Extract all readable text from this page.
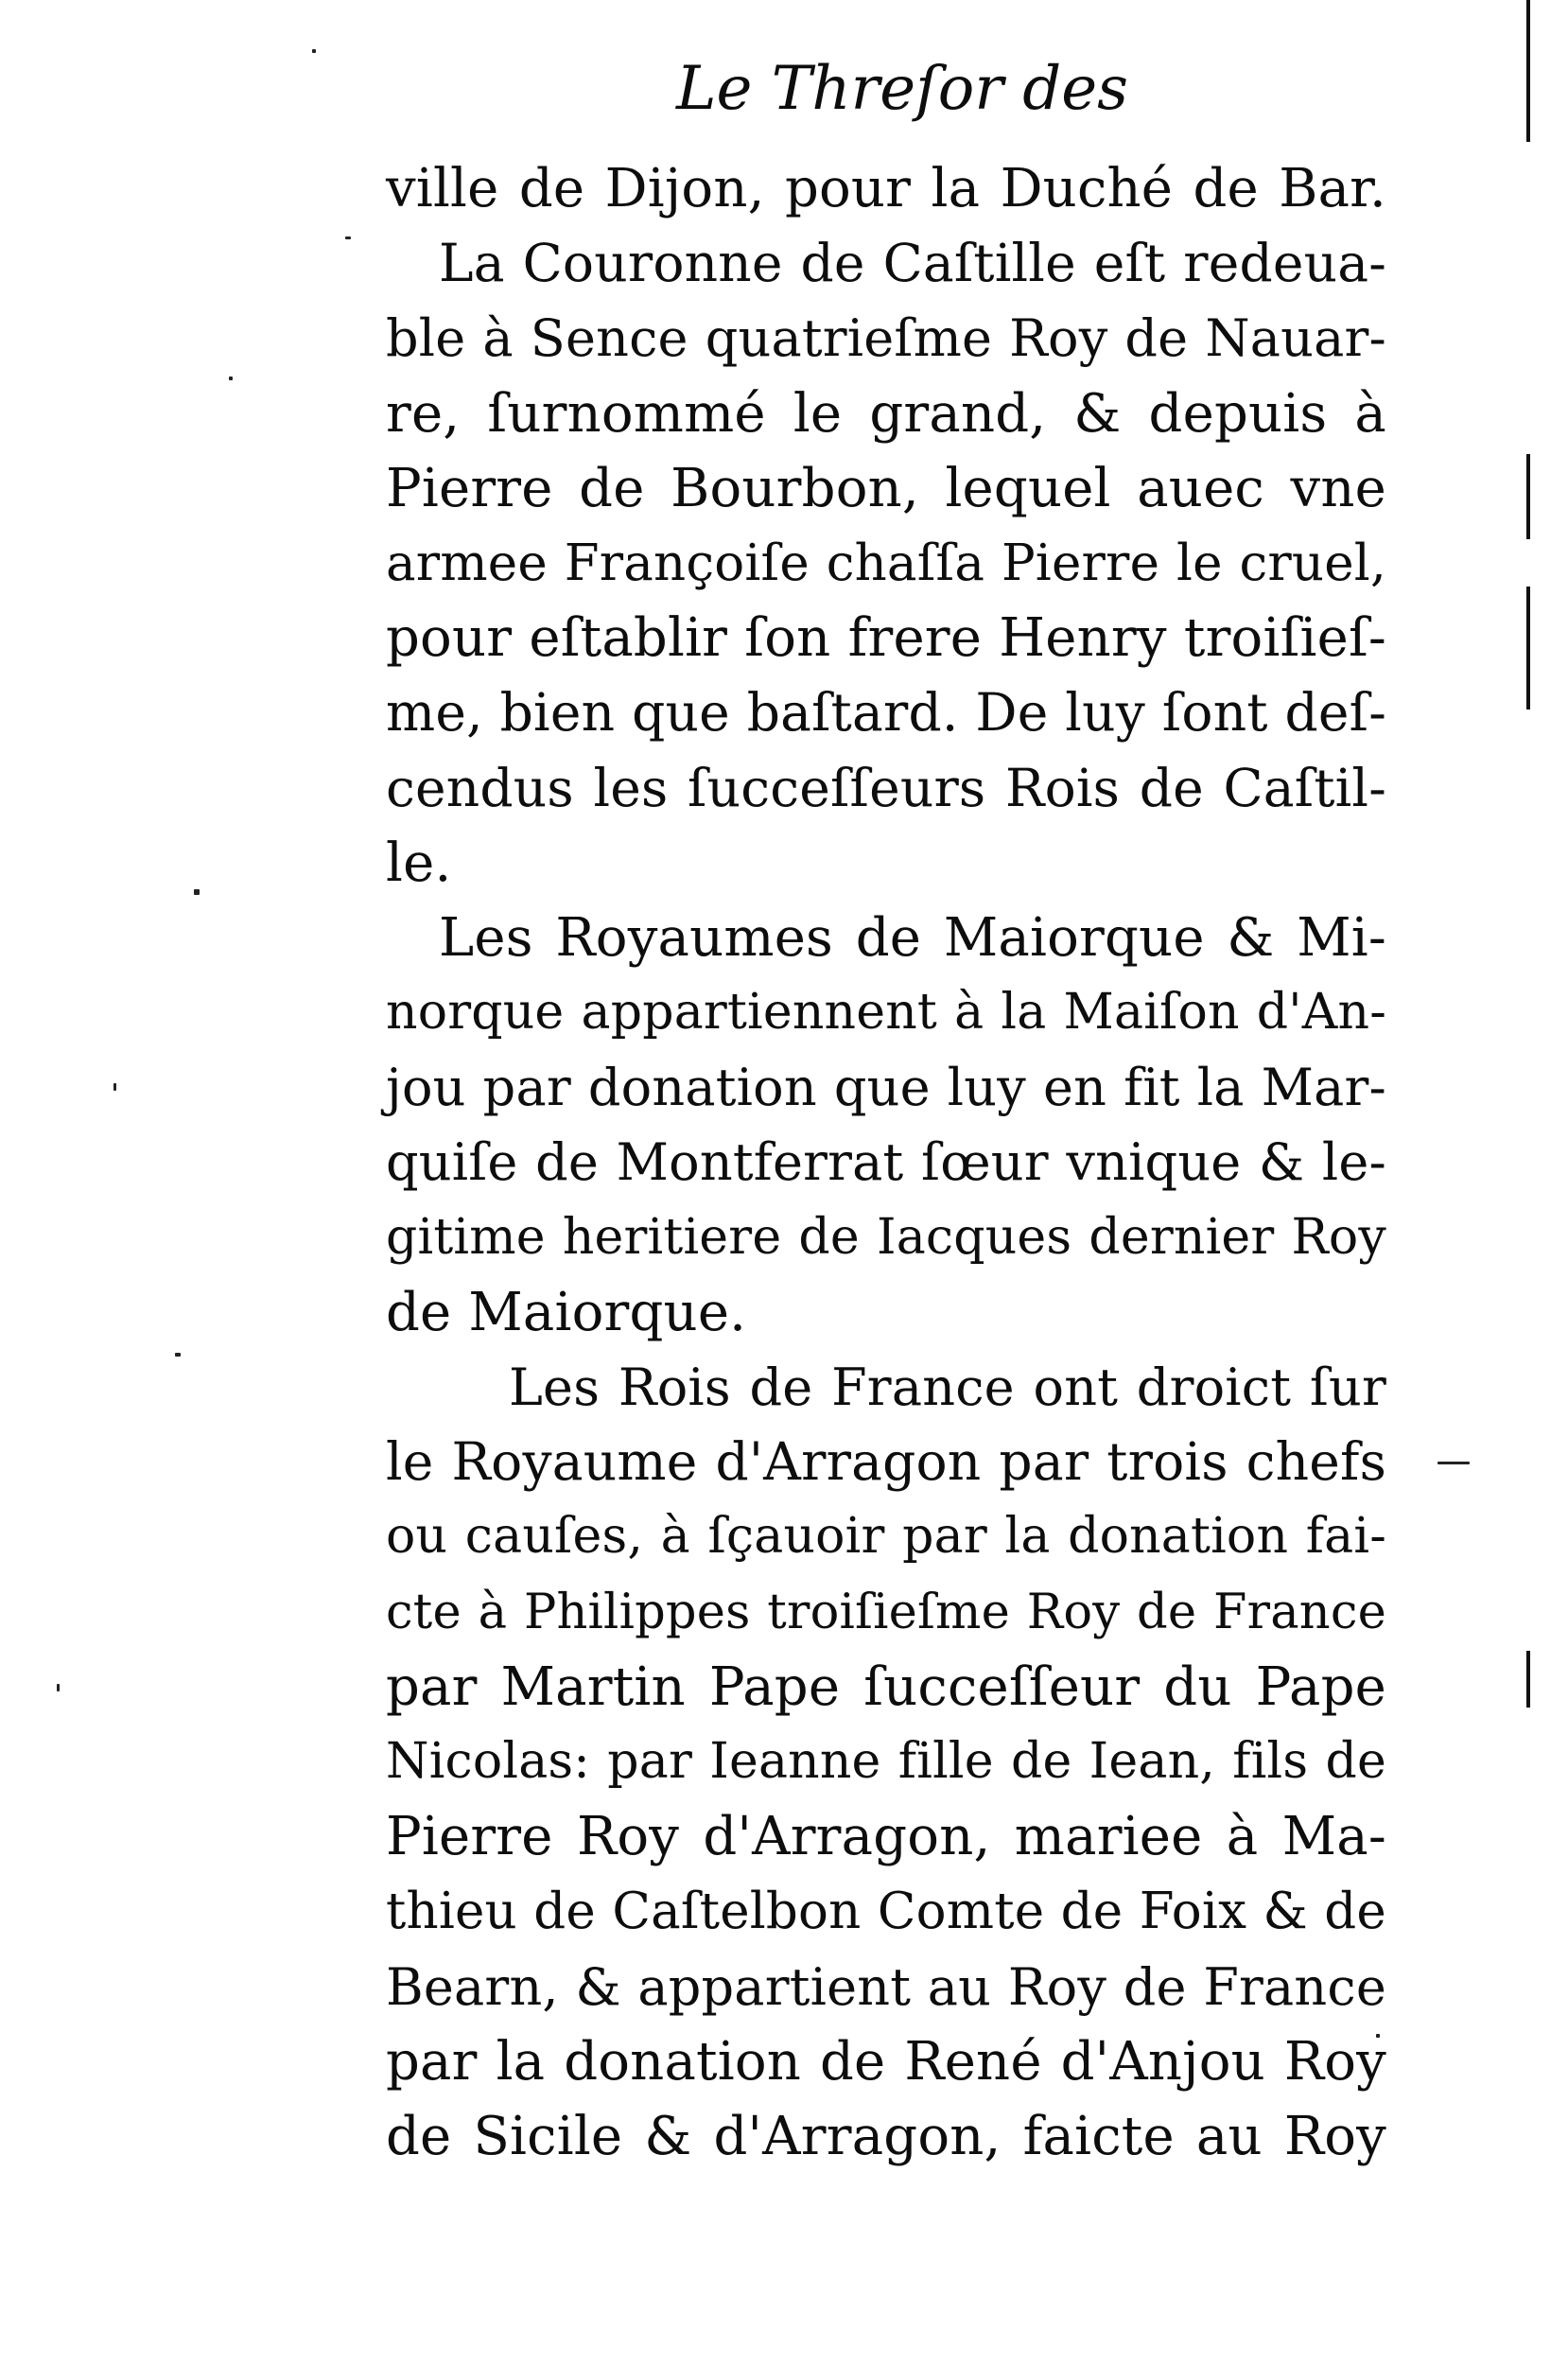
Le Threſor des
ville de Dijon, pour la Duché de Bar.
La Couronne de Caſtille eſt redeua-
ble à Sence quatrieſme Roy de Nauar-
re, ſurnommé le grand, & depuis à
Pierre de Bourbon, lequel auec vne
armee Françoiſe chaſſa Pierre le cruel,
pour eſtablir ſon frere Henry troiſieſ-
me, bien que baſtard. De luy ſont deſ-
cendus les ſucceſſeurs Rois de Caſtil-
le.
Les Royaumes de Maiorque & Mi-
norque appartiennent à la Maiſon d'An-
jou par donation que luy en fit la Mar-
quiſe de Montferrat ſœur vnique & le-
gitime heritiere de Iacques dernier Roy
de Maiorque.
Les Rois de France ont droict ſur
le Royaume d'Arragon par trois chefs
ou cauſes, à ſçauoir par la donation fai-
cte à Philippes troiſieſme Roy de France
par Martin Pape ſucceſſeur du Pape
Nicolas: par Ieanne fille de Iean, fils de
Pierre Roy d'Arragon, mariee à Ma-
thieu de Caſtelbon Comte de Foix & de
Bearn, & appartient au Roy de France
par la donation de René d'Anjou Roy
de Sicile & d'Arragon, faicte au Roy
